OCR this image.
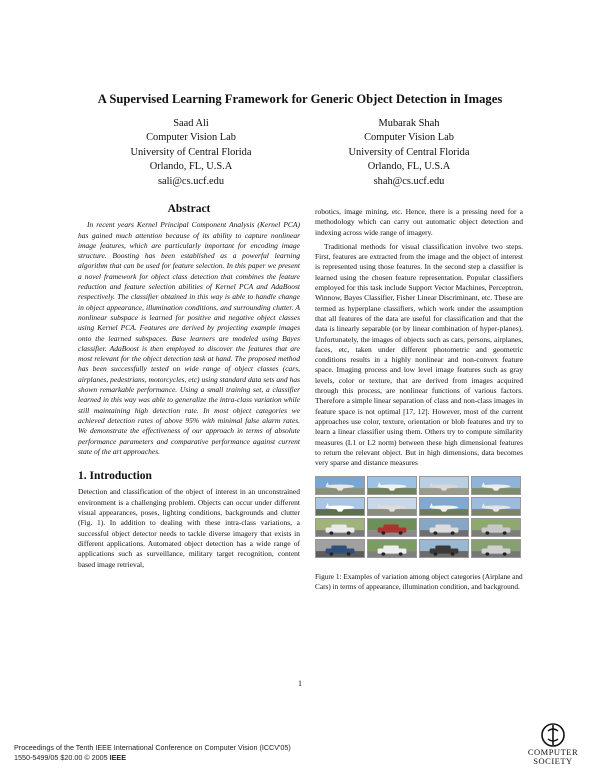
A Supervised Learning Framework for Generic Object Detection in Images
Saad Ali
Computer Vision Lab
University of Central Florida
Orlando, FL, U.S.A
sali@cs.ucf.edu
Mubarak Shah
Computer Vision Lab
University of Central Florida
Orlando, FL, U.S.A
shah@cs.ucf.edu
Abstract

In recent years Kernel Principal Component Analysis (Kernel PCA) has gained much attention because of its ability to capture nonlinear image features, which are particularly important for encoding image structure. Boosting has been established as a powerful learning algorithm that can be used for feature selection. In this paper we present a novel framework for object class detection that combines the feature reduction and feature selection abilities of Kernel PCA and AdaBoost respectively. The classifier obtained in this way is able to handle change in object appearance, illumination conditions, and surrounding clutter. A nonlinear subspace is learned for positive and negative object classes using Kernel PCA. Features are derived by projecting example images onto the learned subspaces. Base learners are modeled using Bayes classifier. AdaBoost is then employed to discover the features that are most relevant for the object detection task at hand. The proposed method has been successfully tested on wide range of object classes (cars, airplanes, pedestrians, motorcycles, etc) using standard data sets and has shown remarkable performance. Using a small training set, a classifier learned in this way was able to generalize the intra-class variation while still maintaining high detection rate. In most object categories we achieved detection rates of above 95% with minimal false alarm rates. We demonstrate the effectiveness of our approach in terms of absolute performance parameters and comparative performance against current state of the art approaches.

1. Introduction

Detection and classification of the object of interest in an unconstrained environment is a challenging problem. Objects can occur under different visual appearances, poses, lighting conditions, backgrounds and clutter (Fig. 1). In addition to dealing with these intra-class variations, a successful object detector needs to tackle diverse imagery that exists in different applications. Automated object detection has a wide range of applications such as surveillance, military target recognition, content based image retrieval,

robotics, image mining, etc. Hence, there is a pressing need for a methodology which can carry out automatic object detection and indexing across wide range of imagery.

Traditional methods for visual classification involve two steps. First, features are extracted from the image and the object of interest is represented using those features. In the second step a classifier is learned using the chosen feature representation. Popular classifiers employed for this task include Support Vector Machines, Perceptron, Winnow, Bayes Classifier, Fisher Linear Discriminant, etc. These are termed as hyperplane classifiers, which work under the assumption that all features of the data are useful for classification and that the data is linearly separable (or by linear combination of hyper-planes). Unfortunately, the images of objects such as cars, persons, airplanes, faces, etc, taken under different photometric and geometric conditions results in a highly nonlinear and non-convex feature space. Imaging process and low level image features such as gray levels, color or texture, that are derived from images acquired through this process, are nonlinear functions of various factors. Therefore a simple linear separation of class and non-class images in feature space is not optimal [17, 12]. However, most of the current approaches use color, texture, orientation or blob features and try to learn a linear classifier using them. Others try to compute similarity measures (L1 or L2 norm) between these high dimensional features to return the relevant object. But in high dimensions, data becomes very sparse and distance measures

Figure 1: Examples of variation among object categories (Airplane and Cars) in terms of appearance, illumination condition, and background.
1
Proceedings of the Tenth IEEE International Conference on Computer Vision (ICCV'05)
1550-5499/05 $20.00 © 2005 IEEE
COMPUTER
SOCIETY
